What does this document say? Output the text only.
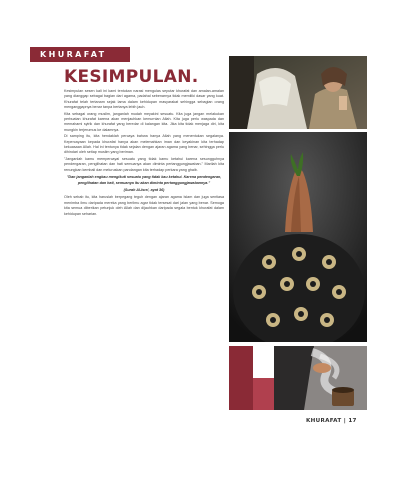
KHURAFAT
KESIMPULAN.

Kesimpulan sesen kali ini kami tentukan narasi mengulas seputar khurafat dan amalan-amalan yang dianggap sebagai bagian dari agama, padahal sebenarnya tidak memiliki dasar yang kuat. Khurafat telah tertanam sejak lama dalam kehidupan masyarakat sehingga sebagian orang menganggapnya benar tanpa bertanya lebih jauh.

Kita sebagai orang muslim, janganlah mudah meyakini sesuatu. Kita juga jangan melakukan perbuatan khurafat karena akan menjauhkan kemurnian Allah. Kita juga perlu waspada dan memahami syirik dan khurafat yang beredar di kalangan kita. Jika kita tidak menjaga diri, kita mungkin terjerumus ke dalamnya.

Di samping itu, kita hendaklah percaya bahwa hanya Allah yang menentukan segalanya. Kepercayaan kepada khurafat hanya akan melemahkan iman dan keyakinan kita terhadap kekuasaan Allah. Hal ini tentunya tidak sejalan dengan ajaran agama yang benar, sehingga perlu dihindari oleh setiap muslim yang beriman.

"Janganlah kamu mempercayai sesuatu yang tidak kamu ketahui karena sesungguhnya pendengaran, penglihatan dan hati semuanya akan diminta pertanggungjawaban." Marilah kita renungkan kembali dan meluruskan pandangan kita terhadap perkara yang ghaib.

"Dan janganlah engkau mengikuti sesuatu yang tidak kau ketahui. Karena pendengaran, penglihatan dan hati, semuanya itu akan diminta pertanggungjawabannya."

(Surah Al-Isra', ayat 36)

Oleh sebab itu, kita haruslah berpegang teguh dengan ajaran agama Islam dan juga sentiasa menimba ilmu daripada mereka yang berilmu agar tidak tersesat dari jalan yang benar. Semoga kita semua diberikan petunjuk oleh Allah dan dijauhkan daripada segala bentuk khurafat dalam kehidupan seharian.

KHURAFAT | 17
